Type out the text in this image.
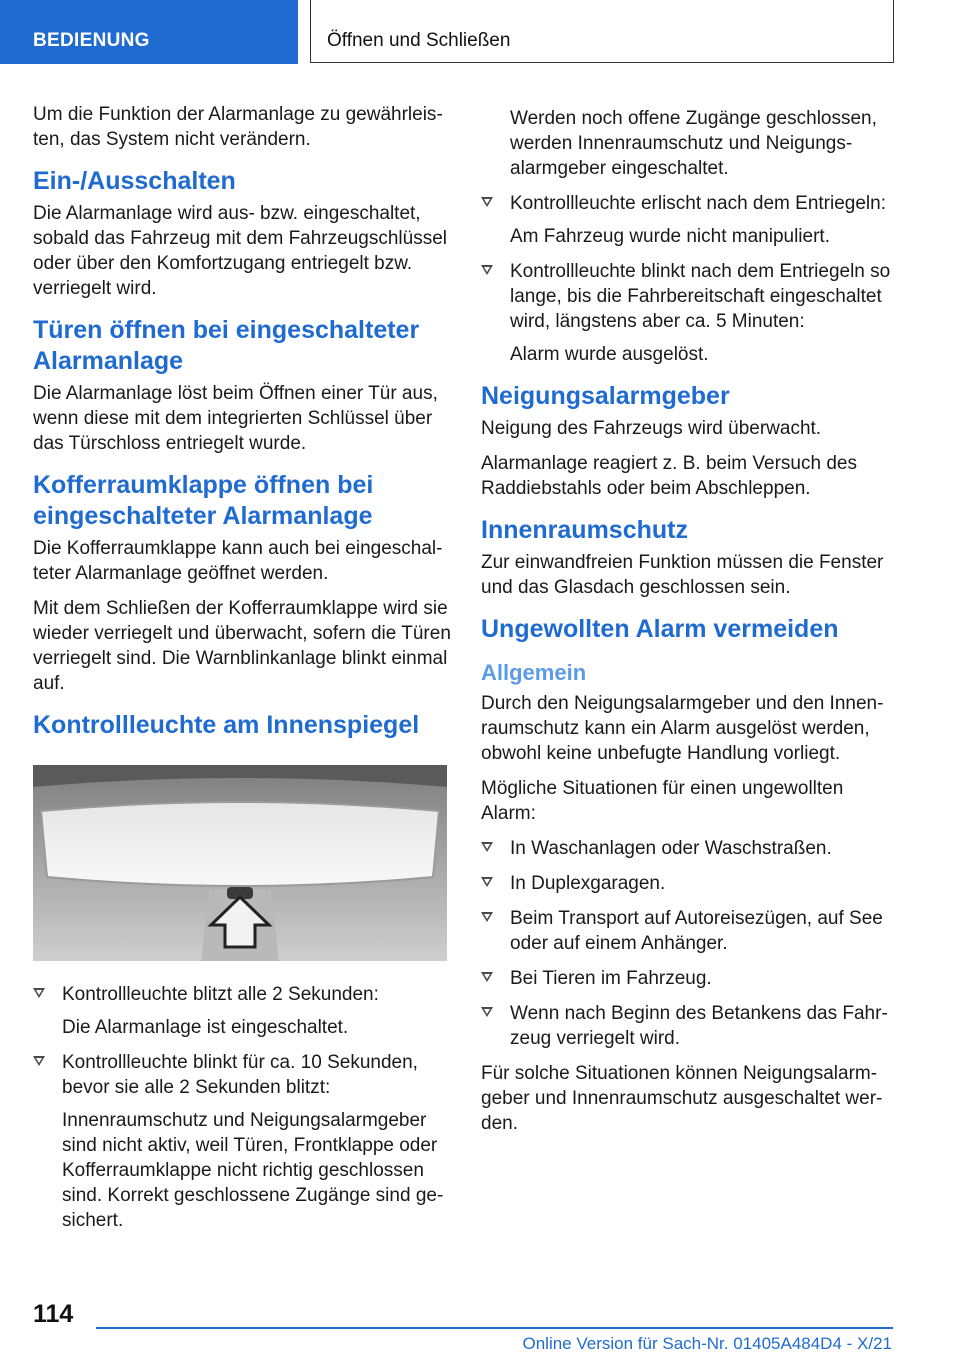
BEDIENUNG	Öffnen und Schließen

Um die Funktion der Alarmanlage zu gewährleisten, das System nicht verändern.

Ein-/Ausschalten

Die Alarmanlage wird aus- bzw. eingeschaltet, sobald das Fahrzeug mit dem Fahrzeugschlüssel oder über den Komfortzugang entriegelt bzw. verriegelt wird.

Türen öffnen bei eingeschalteter Alarmanlage

Die Alarmanlage löst beim Öffnen einer Tür aus, wenn diese mit dem integrierten Schlüssel über das Türschloss entriegelt wurde.

Kofferraumklappe öffnen bei eingeschalteter Alarmanlage

Die Kofferraumklappe kann auch bei eingeschalteter Alarmanlage geöffnet werden.

Mit dem Schließen der Kofferraumklappe wird sie wieder verriegelt und überwacht, sofern die Türen verriegelt sind. Die Warnblinkanlage blinkt einmal auf.

Kontrollleuchte am Innenspiegel

Kontrollleuchte blitzt alle 2 Sekunden:

Die Alarmanlage ist eingeschaltet.

Kontrollleuchte blinkt für ca. 10 Sekunden, bevor sie alle 2 Sekunden blitzt:

Innenraumschutz und Neigungsalarmgeber sind nicht aktiv, weil Türen, Frontklappe oder Kofferraumklappe nicht richtig geschlossen sind. Korrekt geschlossene Zugänge sind gesichert.

Werden noch offene Zugänge geschlossen, werden Innenraumschutz und Neigungsalarmgeber eingeschaltet.

Kontrollleuchte erlischt nach dem Entriegeln:

Am Fahrzeug wurde nicht manipuliert.

Kontrollleuchte blinkt nach dem Entriegeln so lange, bis die Fahrbereitschaft eingeschaltet wird, längstens aber ca. 5 Minuten:

Alarm wurde ausgelöst.

Neigungsalarmgeber

Neigung des Fahrzeugs wird überwacht.

Alarmanlage reagiert z. B. beim Versuch des Raddiebstahls oder beim Abschleppen.

Innenraumschutz

Zur einwandfreien Funktion müssen die Fenster und das Glasdach geschlossen sein.

Ungewollten Alarm vermeiden
Allgemein

Durch den Neigungsalarmgeber und den Innenraumschutz kann ein Alarm ausgelöst werden, obwohl keine unbefugte Handlung vorliegt.

Mögliche Situationen für einen ungewollten Alarm:

In Waschanlagen oder Waschstraßen.

In Duplexgaragen.

Beim Transport auf Autoreisezügen, auf See oder auf einem Anhänger.

Bei Tieren im Fahrzeug.

Wenn nach Beginn des Betankens das Fahrzeug verriegelt wird.

Für solche Situationen können Neigungsalarmgeber und Innenraumschutz ausgeschaltet werden.

114
Online Version für Sach-Nr. 01405A484D4 - X/21
